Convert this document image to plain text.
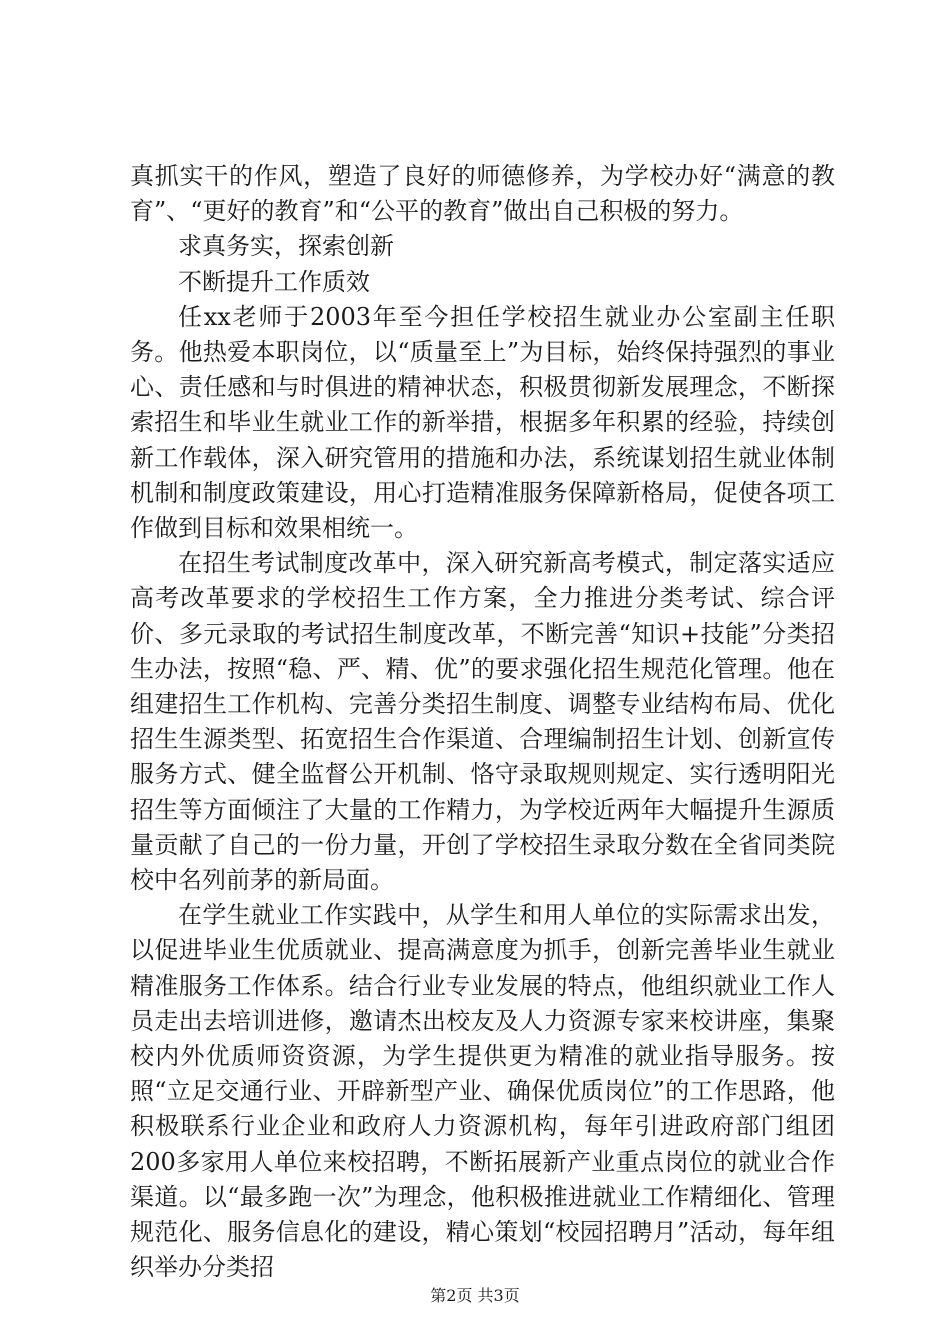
真抓实干的作风，塑造了良好的师德修养，为学校办好“满意的教育”、“更好的教育”和“公平的教育”做出自己积极的努力。

求真务实，探索创新

不断提升工作质效

任xx老师于2003年至今担任学校招生就业办公室副主任职务。他热爱本职岗位，以“质量至上”为目标，始终保持强烈的事业心、责任感和与时俱进的精神状态，积极贯彻新发展理念，不断探索招生和毕业生就业工作的新举措，根据多年积累的经验，持续创新工作载体，深入研究管用的措施和办法，系统谋划招生就业体制机制和制度政策建设，用心打造精准服务保障新格局，促使各项工作做到目标和效果相统一。

在招生考试制度改革中，深入研究新高考模式，制定落实适应高考改革要求的学校招生工作方案，全力推进分类考试、综合评价、多元录取的考试招生制度改革，不断完善“知识+技能”分类招生办法，按照“稳、严、精、优”的要求强化招生规范化管理。他在组建招生工作机构、完善分类招生制度、调整专业结构布局、优化招生生源类型、拓宽招生合作渠道、合理编制招生计划、创新宣传服务方式、健全监督公开机制、恪守录取规则规定、实行透明阳光招生等方面倾注了大量的工作精力，为学校近两年大幅提升生源质量贡献了自己的一份力量，开创了学校招生录取分数在全省同类院校中名列前茅的新局面。

在学生就业工作实践中，从学生和用人单位的实际需求出发，以促进毕业生优质就业、提高满意度为抓手，创新完善毕业生就业精准服务工作体系。结合行业专业发展的特点，他组织就业工作人员走出去培训进修，邀请杰出校友及人力资源专家来校讲座，集聚校内外优质师资资源，为学生提供更为精准的就业指导服务。按照“立足交通行业、开辟新型产业、确保优质岗位”的工作思路，他积极联系行业企业和政府人力资源机构，每年引进政府部门组团200多家用人单位来校招聘，不断拓展新产业重点岗位的就业合作渠道。以“最多跑一次”为理念，他积极推进就业工作精细化、管理规范化、服务信息化的建设，精心策划“校园招聘月”活动，每年组织举办分类招

第2页 共3页
